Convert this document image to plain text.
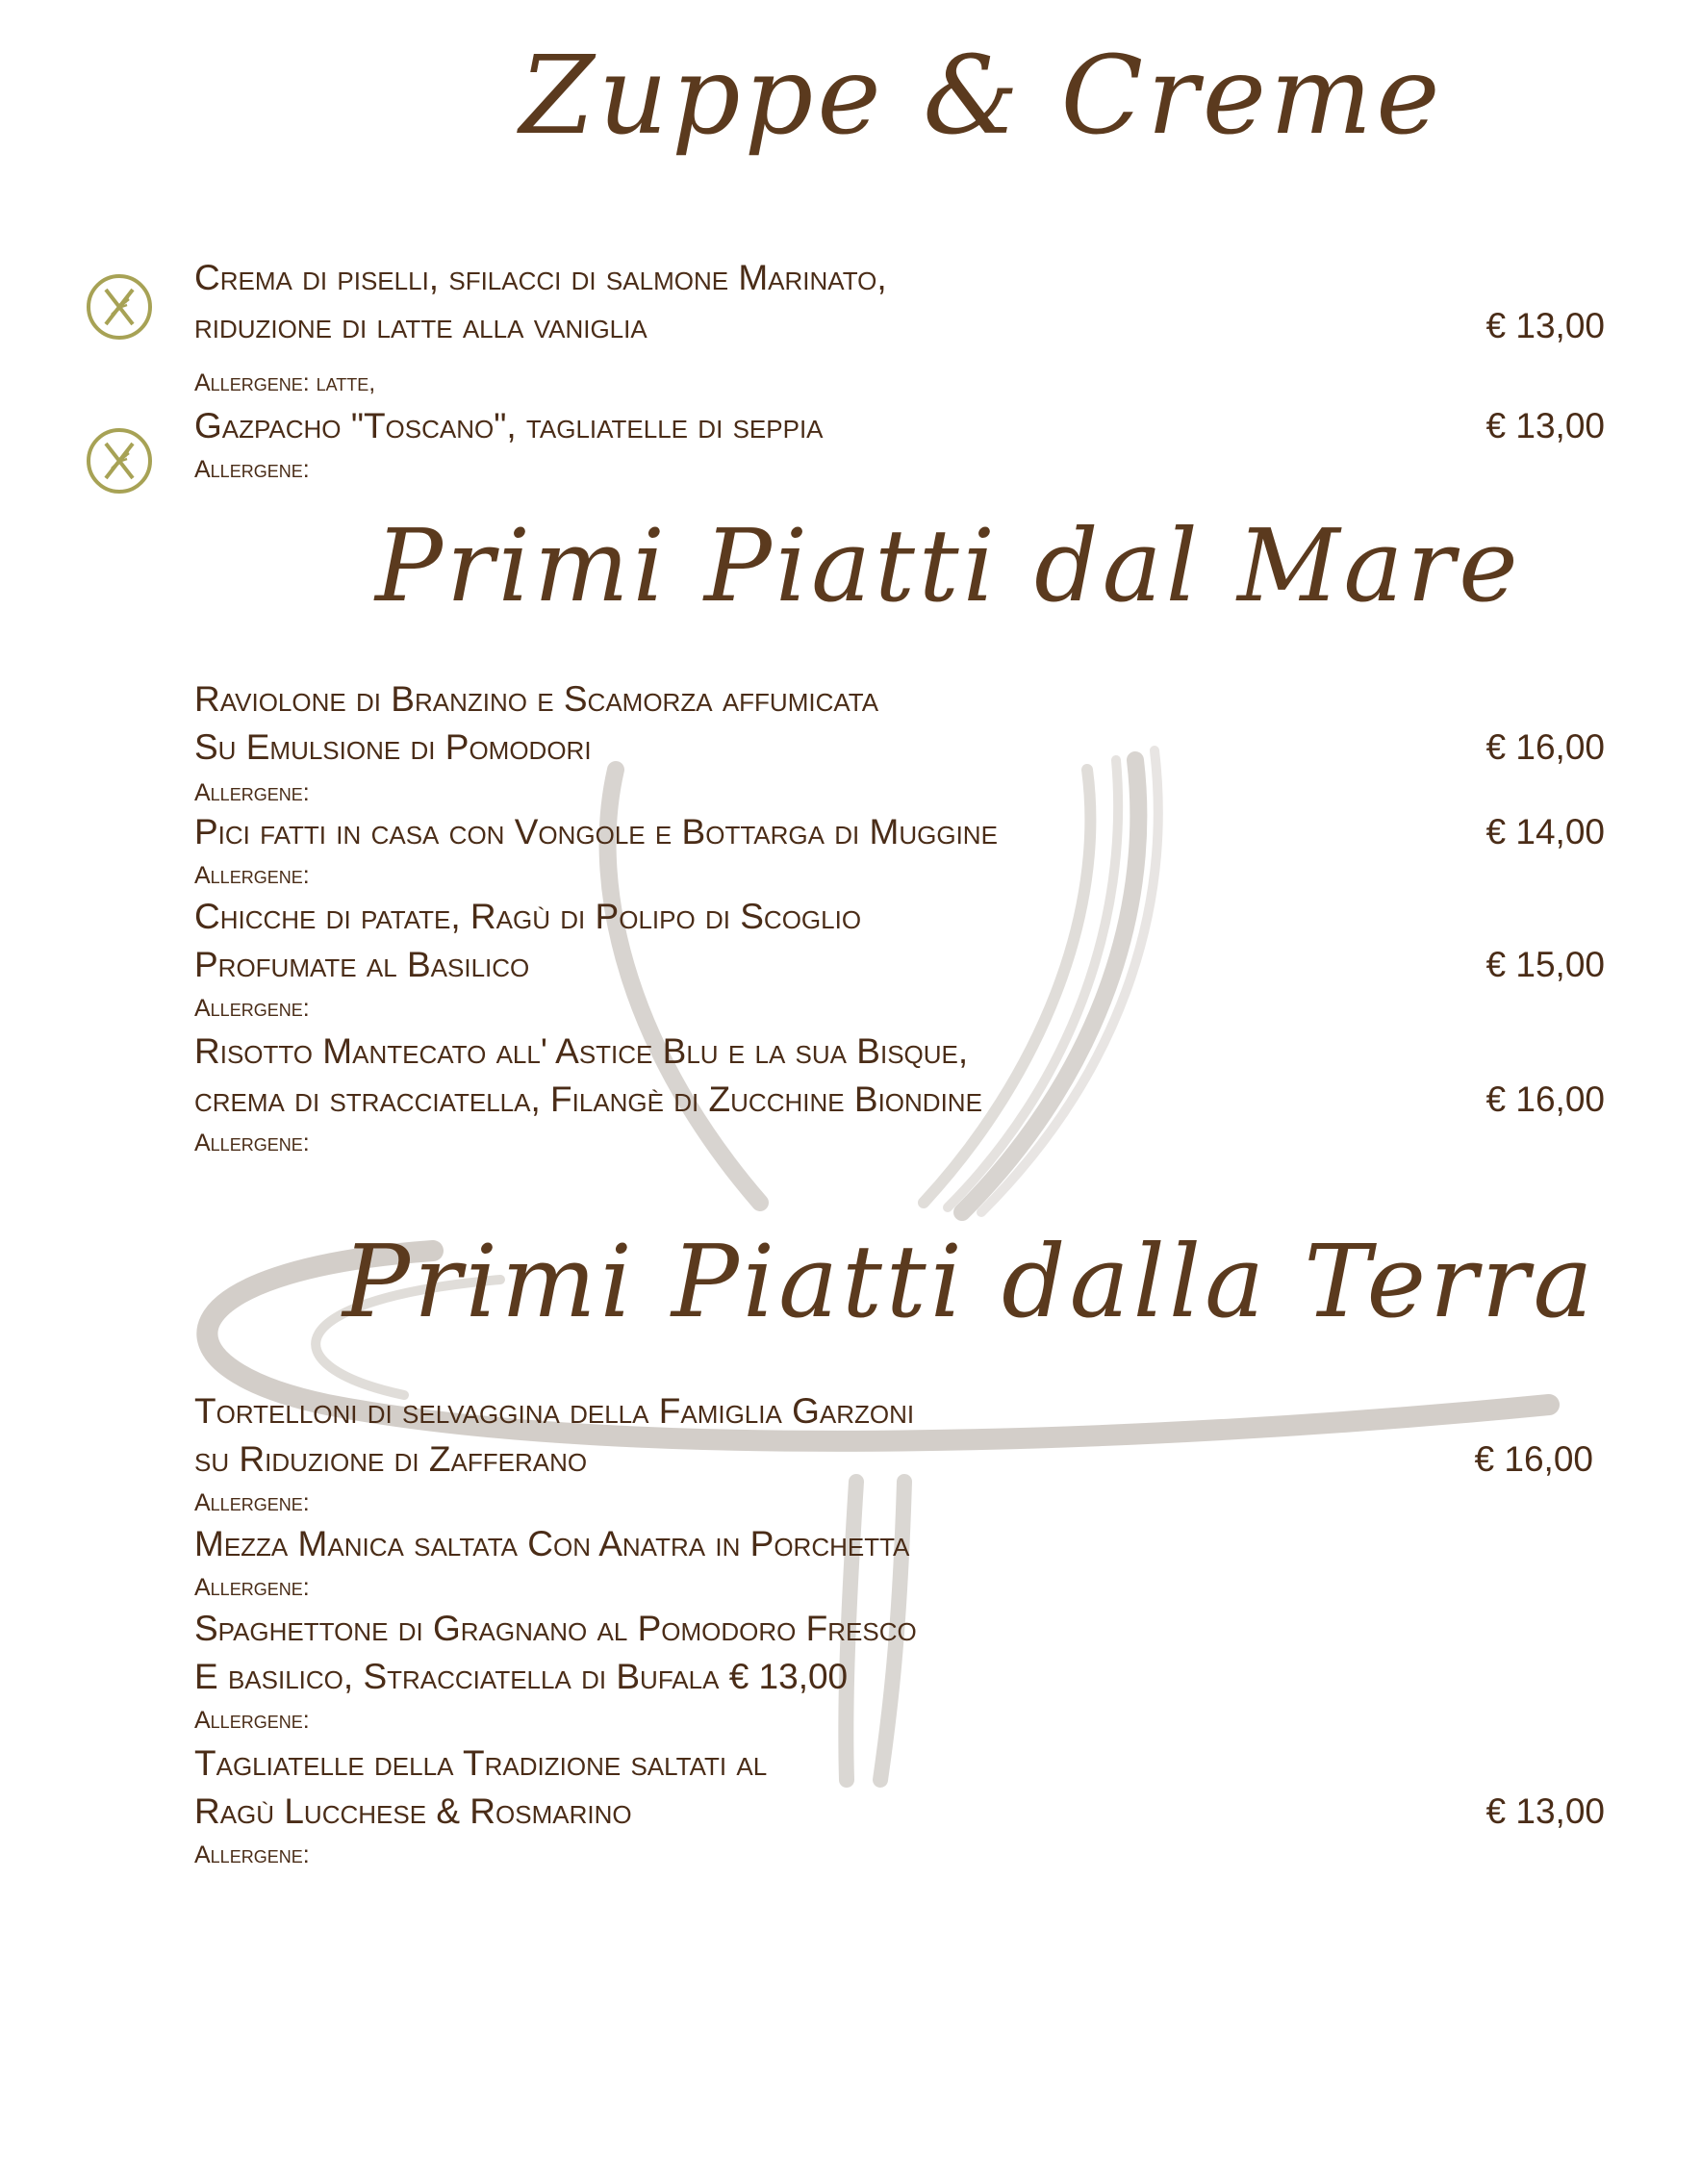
Zuppe & Creme
Crema di piselli, sfilacci di salmone Marinato,
riduzione di latte alla vaniglia	€ 13,00
Allergene: latte,
Gazpacho "Toscano", tagliatelle di seppia	€ 13,00
Allergene:
Primi Piatti dal Mare
Raviolone di Branzino e Scamorza affumicata
Su Emulsione di Pomodori	€ 16,00
Allergene:
Pici fatti in casa con Vongole e Bottarga di Muggine	€ 14,00
Allergene:
Chicche di patate, Ragù di Polipo di Scoglio
Profumate al Basilico	€ 15,00
Allergene:
Risotto Mantecato all' Astice Blu e la sua Bisque,
crema di stracciatella, Filangè di Zucchine Biondine	€ 16,00
Allergene:
Primi Piatti dalla Terra
Tortelloni di selvaggina della Famiglia Garzoni
su Riduzione di Zafferano	€ 16,00
Allergene:
Mezza Manica saltata Con Anatra in Porchetta
Allergene:
Spaghettone di Gragnano al Pomodoro Fresco
E basilico, Stracciatella di Bufala € 13,00
Allergene:
Tagliatelle della Tradizione saltati al
Ragù Lucchese & Rosmarino	€ 13,00
Allergene:
